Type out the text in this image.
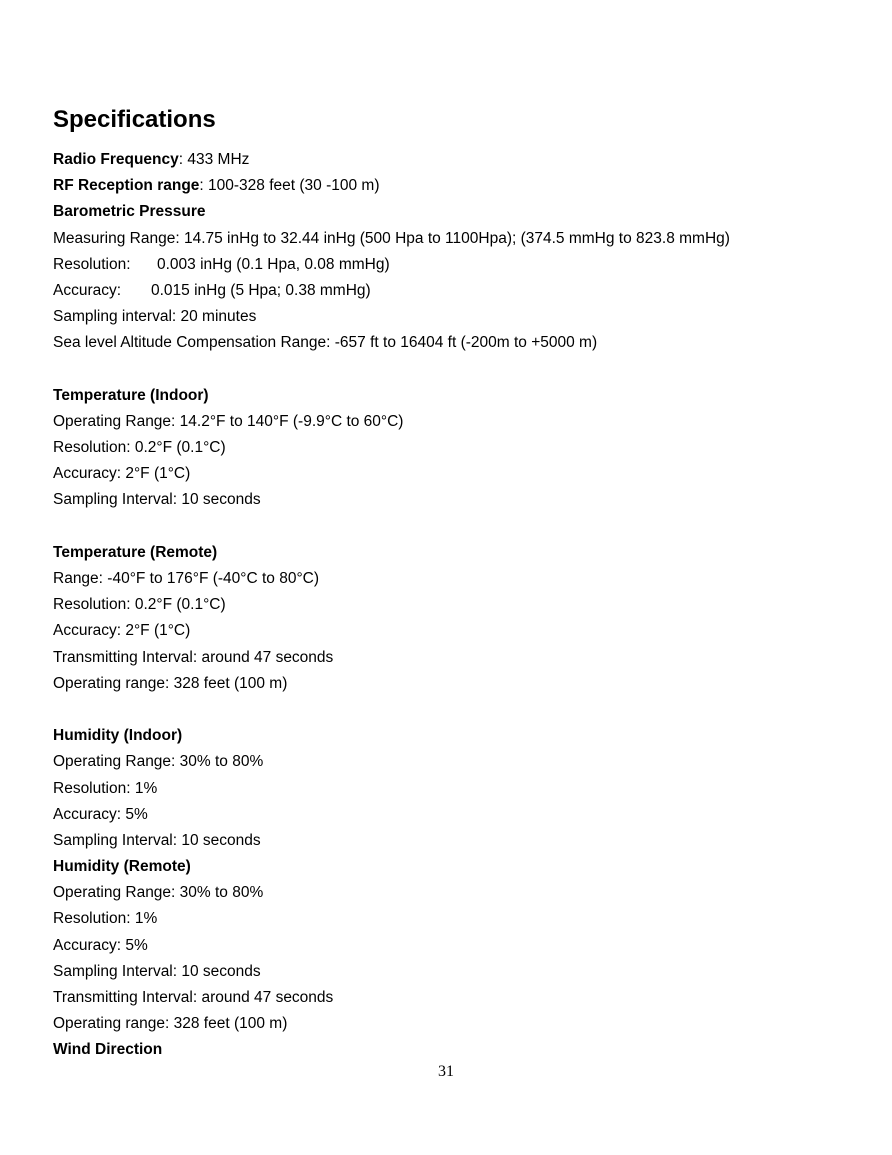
Specifications
Radio Frequency: 433 MHz
RF Reception range: 100-328 feet (30 -100 m)
Barometric Pressure
Measuring Range: 14.75 inHg to 32.44 inHg (500 Hpa to 1100Hpa); (374.5 mmHg to 823.8 mmHg)
Resolution: 0.003 inHg (0.1 Hpa, 0.08 mmHg)
Accuracy: 0.015 inHg (5 Hpa; 0.38 mmHg)
Sampling interval: 20 minutes
Sea level Altitude Compensation Range: -657 ft to 16404 ft (-200m to +5000 m)
Temperature (Indoor)
Operating Range: 14.2°F to 140°F (-9.9°C to 60°C)
Resolution: 0.2°F (0.1°C)
Accuracy: 2°F (1°C)
Sampling Interval: 10 seconds
Temperature (Remote)
Range: -40°F to 176°F (-40°C to 80°C)
Resolution: 0.2°F (0.1°C)
Accuracy: 2°F (1°C)
Transmitting Interval: around 47 seconds
Operating range: 328 feet (100 m)
Humidity (Indoor)
Operating Range: 30% to 80%
Resolution: 1%
Accuracy: 5%
Sampling Interval: 10 seconds
Humidity (Remote)
Operating Range: 30% to 80%
Resolution: 1%
Accuracy: 5%
Sampling Interval: 10 seconds
Transmitting Interval: around 47 seconds
Operating range: 328 feet (100 m)
Wind Direction
31
